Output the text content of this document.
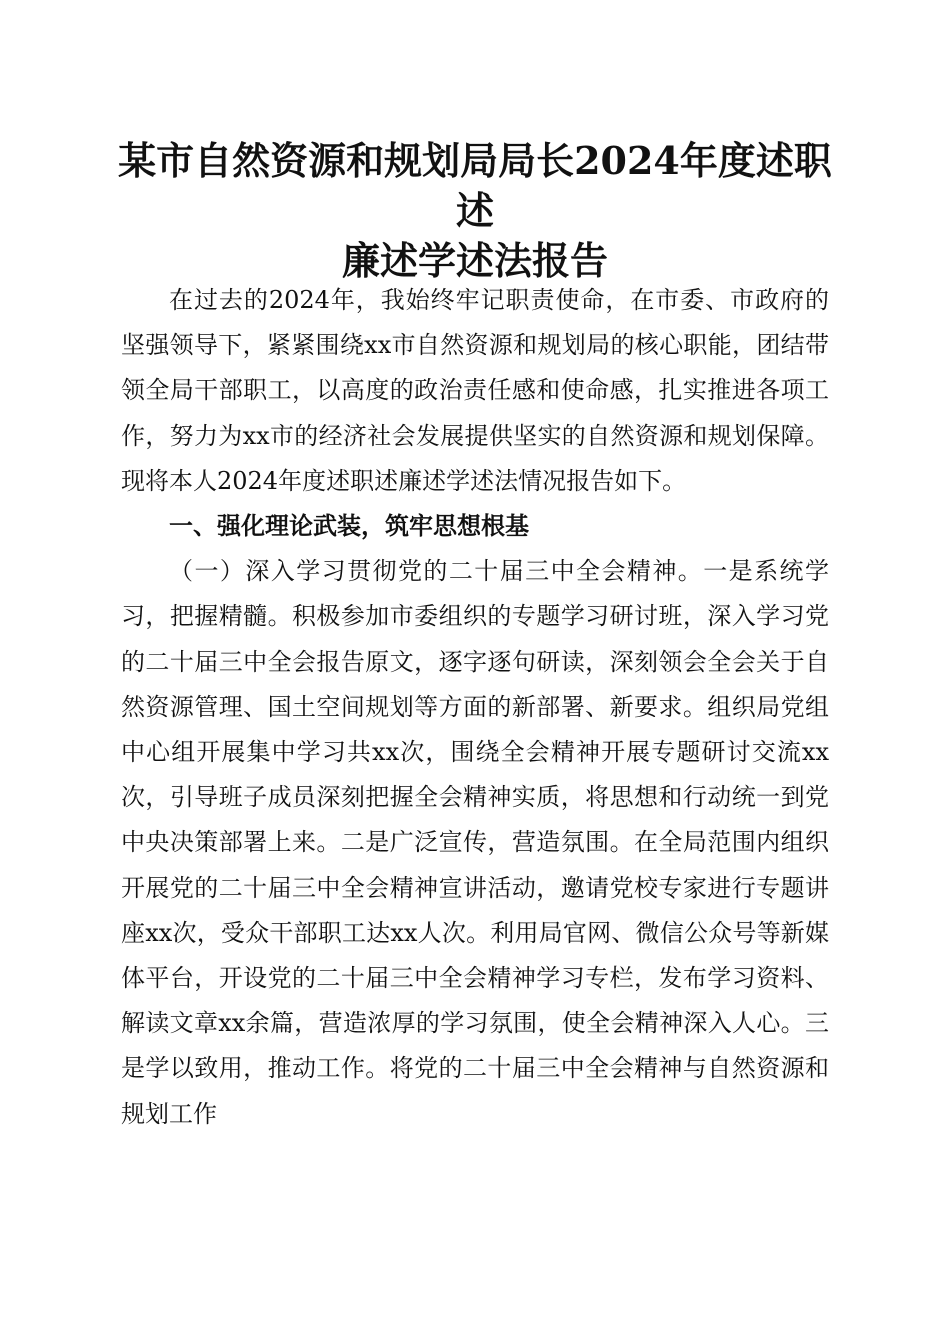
某市自然资源和规划局局长2024年度述职述
廉述学述法报告

在过去的2024年，我始终牢记职责使命，在市委、市政府的坚强领导下，紧紧围绕xx市自然资源和规划局的核心职能，团结带领全局干部职工，以高度的政治责任感和使命感，扎实推进各项工作，努力为xx市的经济社会发展提供坚实的自然资源和规划保障。现将本人2024年度述职述廉述学述法情况报告如下。

一、强化理论武装，筑牢思想根基

（一）深入学习贯彻党的二十届三中全会精神。一是系统学习，把握精髓。积极参加市委组织的专题学习研讨班，深入学习党的二十届三中全会报告原文，逐字逐句研读，深刻领会全会关于自然资源管理、国土空间规划等方面的新部署、新要求。组织局党组中心组开展集中学习共xx次，围绕全会精神开展专题研讨交流xx次，引导班子成员深刻把握全会精神实质，将思想和行动统一到党中央决策部署上来。二是广泛宣传，营造氛围。在全局范围内组织开展党的二十届三中全会精神宣讲活动，邀请党校专家进行专题讲座xx次，受众干部职工达xx人次。利用局官网、微信公众号等新媒体平台，开设党的二十届三中全会精神学习专栏，发布学习资料、解读文章xx余篇，营造浓厚的学习氛围，使全会精神深入人心。三是学以致用，推动工作。将党的二十届三中全会精神与自然资源和规划工作
